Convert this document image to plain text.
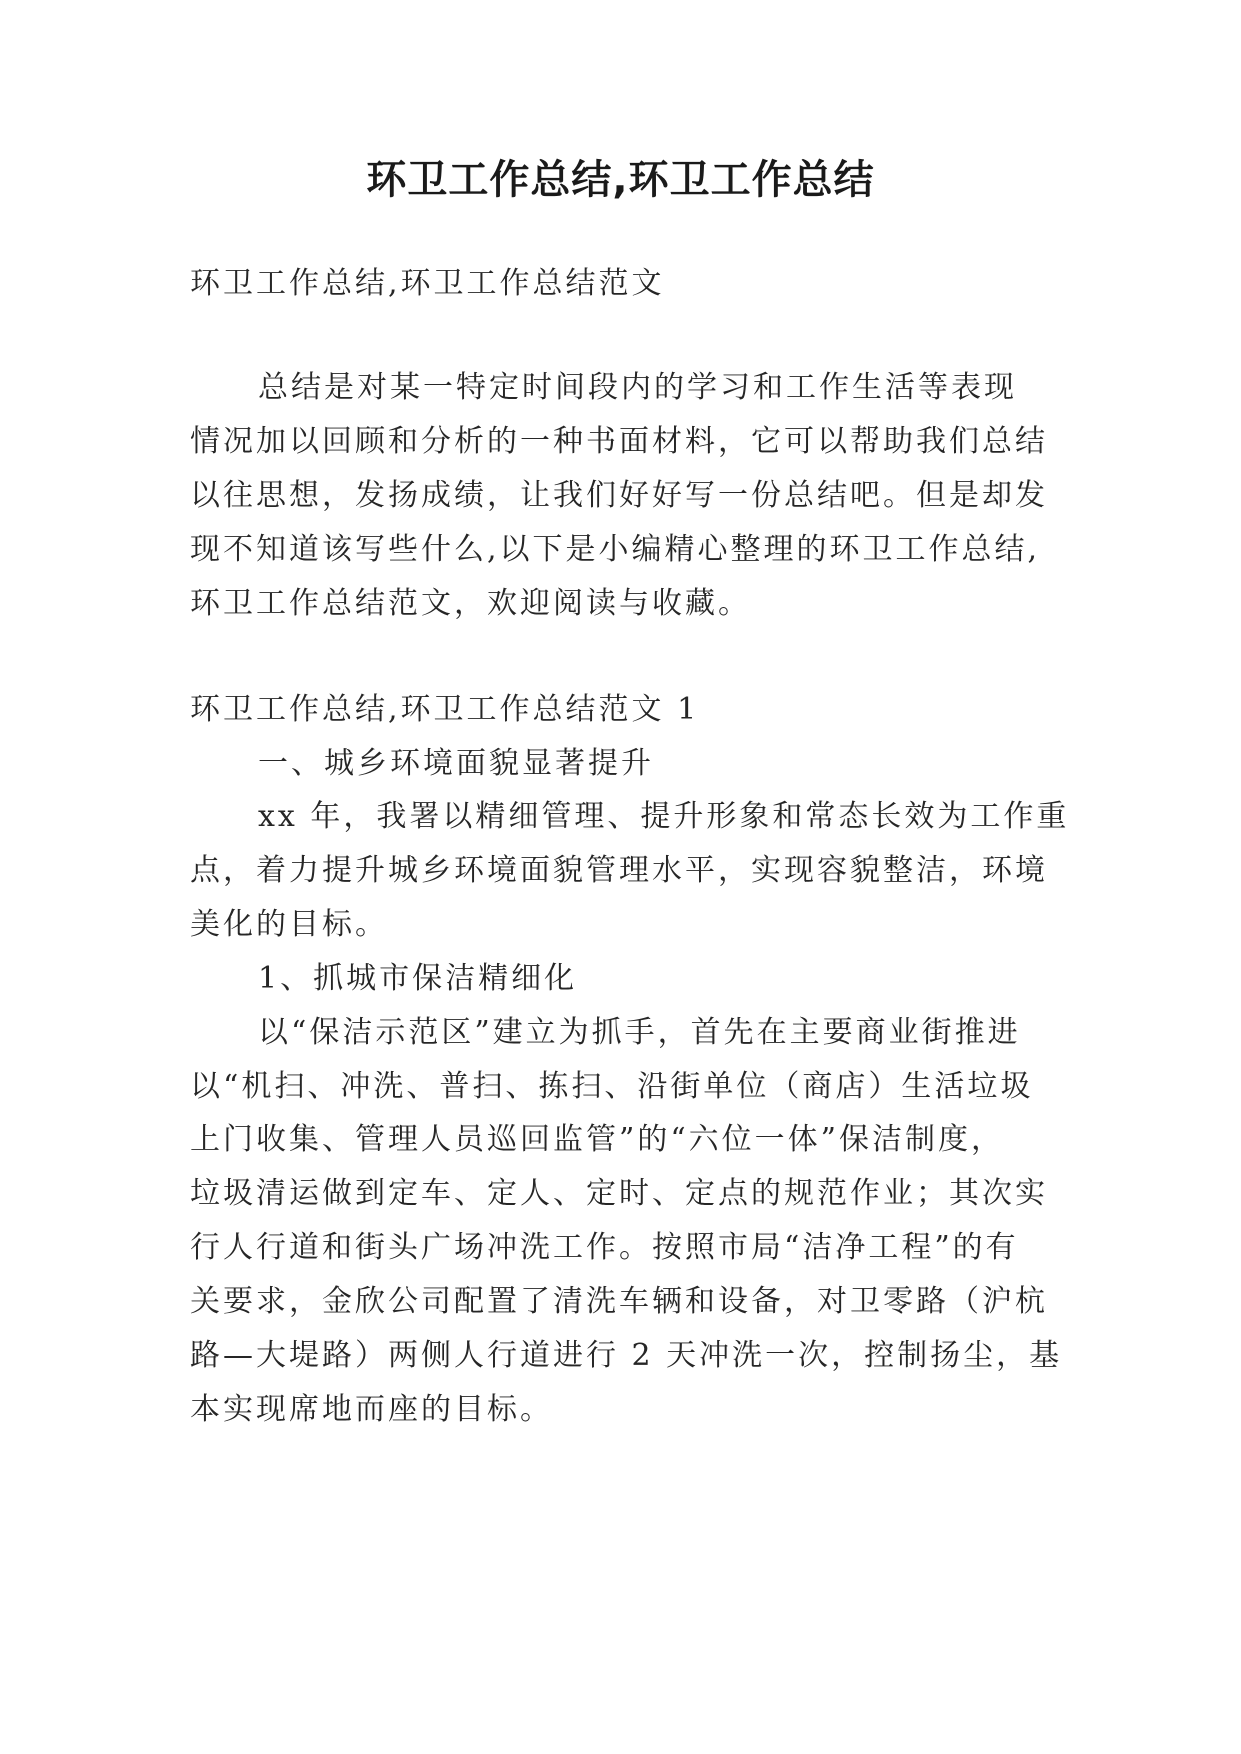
环卫工作总结,环卫工作总结
环卫工作总结,环卫工作总结范文
总结是对某一特定时间段内的学习和工作生活等表现
情况加以回顾和分析的一种书面材料，它可以帮助我们总结
以往思想，发扬成绩，让我们好好写一份总结吧。但是却发
现不知道该写些什么,以下是小编精心整理的环卫工作总结,
环卫工作总结范文，欢迎阅读与收藏。
环卫工作总结,环卫工作总结范文 1
一、城乡环境面貌显著提升
xx 年，我署以精细管理、提升形象和常态长效为工作重
点，着力提升城乡环境面貌管理水平，实现容貌整洁，环境
美化的目标。
1、抓城市保洁精细化
以“保洁示范区”建立为抓手，首先在主要商业街推进
以“机扫、冲洗、普扫、拣扫、沿街单位（商店）生活垃圾
上门收集、管理人员巡回监管”的“六位一体”保洁制度，
垃圾清运做到定车、定人、定时、定点的规范作业；其次实
行人行道和街头广场冲洗工作。按照市局“洁净工程”的有
关要求，金欣公司配置了清洗车辆和设备，对卫零路（沪杭
路—大堤路）两侧人行道进行 2 天冲洗一次，控制扬尘，基
本实现席地而座的目标。
